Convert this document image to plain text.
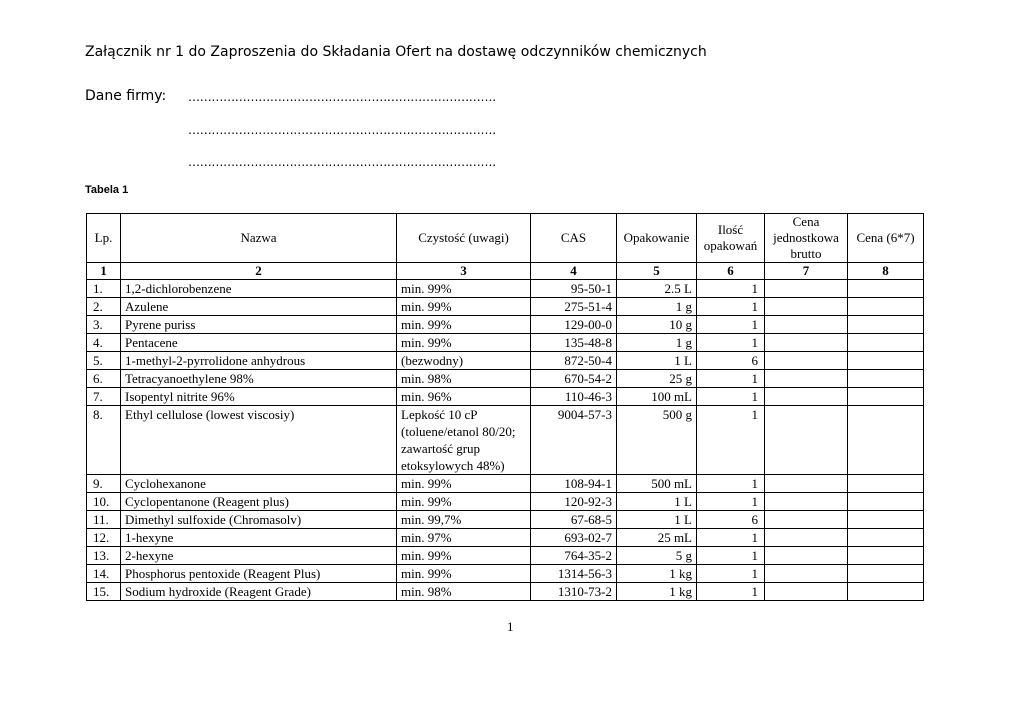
Załącznik nr 1 do Zaproszenia do Składania Ofert na dostawę odczynników chemicznych
Dane firmy: …………………………………………………………………….
…………………………………………………………………….
…………………………………………………………………….
Tabela 1
Lp.	Nazwa	Czystość (uwagi)	CAS	Opakowanie	Ilość opakowań	Cena jednostkowa brutto	Cena (6*7)
1	2	3	4	5	6	7	8
1.	1,2-dichlorobenzene	min. 99%	95-50-1	2.5 L	1		
2.	Azulene	min. 99%	275-51-4	1 g	1		
3.	Pyrene puriss	min. 99%	129-00-0	10 g	1		
4.	Pentacene	min. 99%	135-48-8	1 g	1		
5.	1-methyl-2-pyrrolidone anhydrous	(bezwodny)	872-50-4	1 L	6		
6.	Tetracyanoethylene 98%	min. 98%	670-54-2	25 g	1		
7.	Isopentyl nitrite 96%	min. 96%	110-46-3	100 mL	1		
8.	Ethyl cellulose (lowest viscosiy)	Lepkość 10 cP (toluene/etanol 80/20; zawartość grup etoksylowych 48%)	9004-57-3	500 g	1		
9.	Cyclohexanone	min. 99%	108-94-1	500 mL	1		
10.	Cyclopentanone (Reagent plus)	min. 99%	120-92-3	1 L	1		
11.	Dimethyl sulfoxide (Chromasolv)	min. 99,7%	67-68-5	1 L	6		
12.	1-hexyne	min. 97%	693-02-7	25 mL	1		
13.	2-hexyne	min. 99%	764-35-2	5 g	1		
14.	Phosphorus pentoxide (Reagent Plus)	min. 99%	1314-56-3	1 kg	1		
15.	Sodium hydroxide (Reagent Grade)	min. 98%	1310-73-2	1 kg	1		
1
